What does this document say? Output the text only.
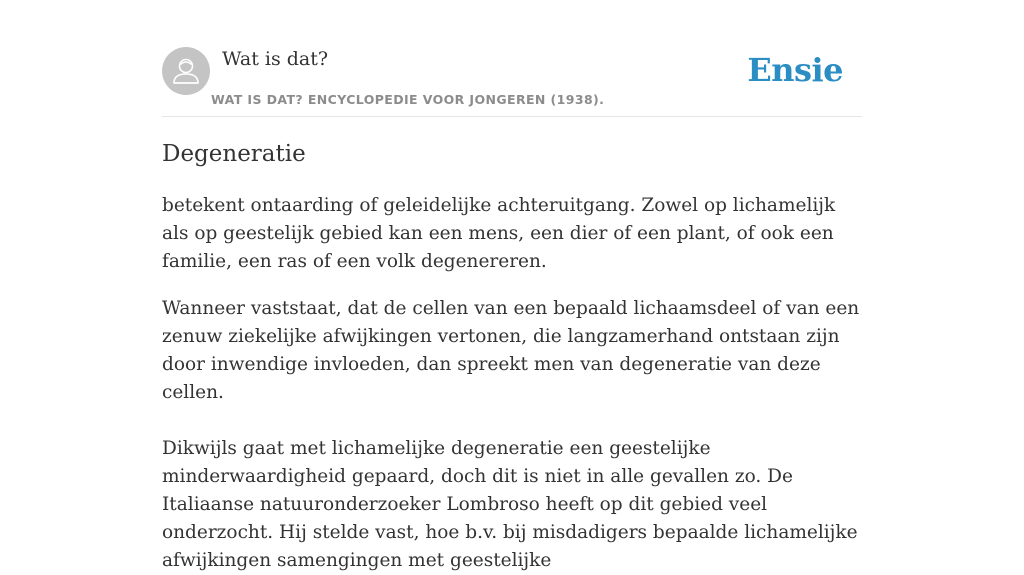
Wat is dat?
WAT IS DAT? ENCYCLOPEDIE VOOR JONGEREN (1938).
Ensie
Degeneratie

betekent ontaarding of geleidelijke achteruitgang. Zowel op lichamelijk als op geestelijk gebied kan een mens, een dier of een plant, of ook een familie, een ras of een volk degenereren.

Wanneer vaststaat, dat de cellen van een bepaald lichaamsdeel of van een zenuw ziekelijke afwijkingen vertonen, die langzamerhand ontstaan zijn door inwendige invloeden, dan spreekt men van degeneratie van deze cellen.

Dikwijls gaat met lichamelijke degeneratie een geestelijke minderwaardigheid gepaard, doch dit is niet in alle gevallen zo. De Italiaanse natuuronderzoeker Lombroso heeft op dit gebied veel onderzocht. Hij stelde vast, hoe b.v. bij misdadigers bepaalde lichamelijke afwijkingen samengingen met geestelijke
